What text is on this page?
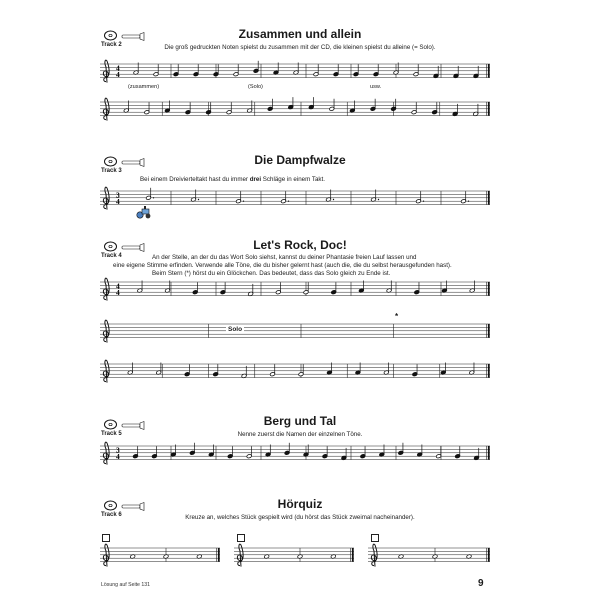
Track 2
Zusammen und allein
Die groß gedruckten Noten spielst du zusammen mit der CD, die kleinen spielst du alleine (= Solo).
4
4
(zusammen)	(Solo)	usw.
Track 3
Die Dampfwalze
Bei einem Dreivierteltakt hast du immer drei Schläge in einem Takt.
3
4
Track 4
Let's Rock, Doc!
An der Stelle, an der du das Wort Solo siehst, kannst du deiner Phantasie freien Lauf lassen und
eine eigene Stimme erfinden. Verwende alle Töne, die du bisher gelernt hast (auch die, die du selbst herausgefunden hast).
Beim Stern (*) hörst du ein Glöckchen. Das bedeutet, dass das Solo gleich zu Ende ist.
4
4
Solo
*
Track 5
Berg und Tal
Nenne zuerst die Namen der einzelnen Töne.
3
4
Track 6
Hörquiz
Kreuze an, welches Stück gespielt wird (du hörst das Stück zweimal nacheinander).
Lösung auf Seite 131	9
